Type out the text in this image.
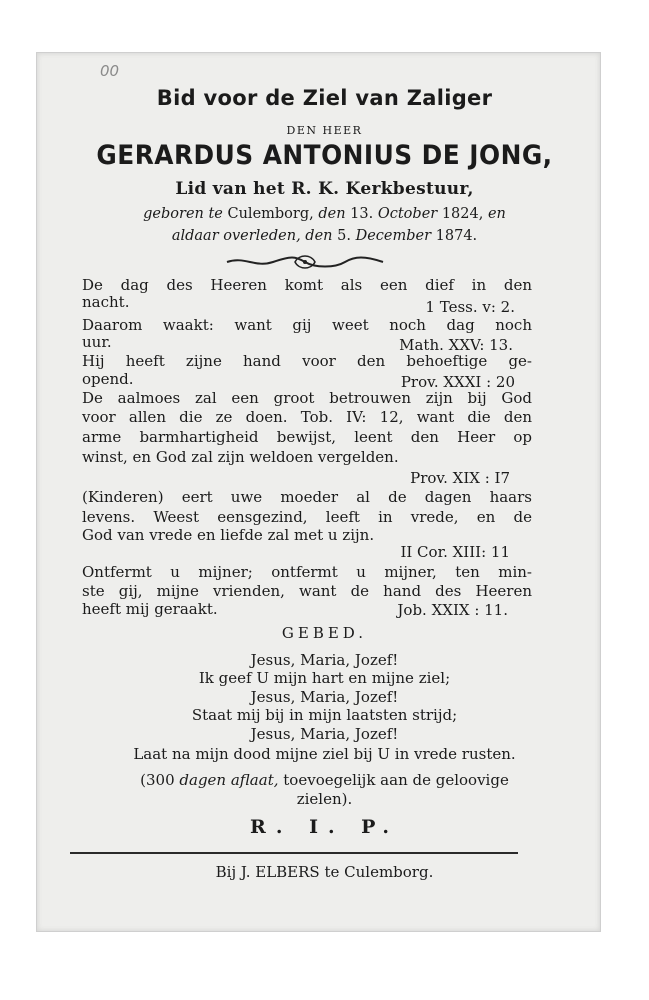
00
Bid voor de Ziel van Zaliger
DEN HEER
GERARDUS ANTONIUS DE JONG,
Lid van het R. K. Kerkbestuur,
geboren te Culemborg, den 13. October 1824, en
aldaar overleden, den 5. December 1874.
De dag des Heeren komt als een dief in den
nacht.	1 Tess. v: 2.
Daarom waakt: want gij weet noch dag noch
uur.	Math. XXV: 13.
Hij heeft zijne hand voor den behoeftige ge-
opend.	Prov. XXXI : 20
De aalmoes zal een groot betrouwen zijn bij God
voor allen die ze doen. Tob. IV: 12, want die den
arme barmhartigheid bewijst, leent den Heer op
winst, en God zal zijn weldoen vergelden.
Prov. XIX : I7
(Kinderen) eert uwe moeder al de dagen haars
levens. Weest eensgezind, leeft in vrede, en de
God van vrede en liefde zal met u zijn.
II Cor. XIII: 11
Ontfermt u mijner; ontfermt u mijner, ten min-
ste gij, mijne vrienden, want de hand des Heeren
heeft mij geraakt.	Job. XXIX : 11.
GEBED.
Jesus, Maria, Jozef!
Ik geef U mijn hart en mijne ziel;
Jesus, Maria, Jozef!
Staat mij bij in mijn laatsten strijd;
Jesus, Maria, Jozef!
Laat na mijn dood mijne ziel bij U in vrede rusten.
(300 dagen aflaat, toevoegelijk aan de geloovige
zielen).
R. I. P.
Bij J. ELBERS te Culemborg.
